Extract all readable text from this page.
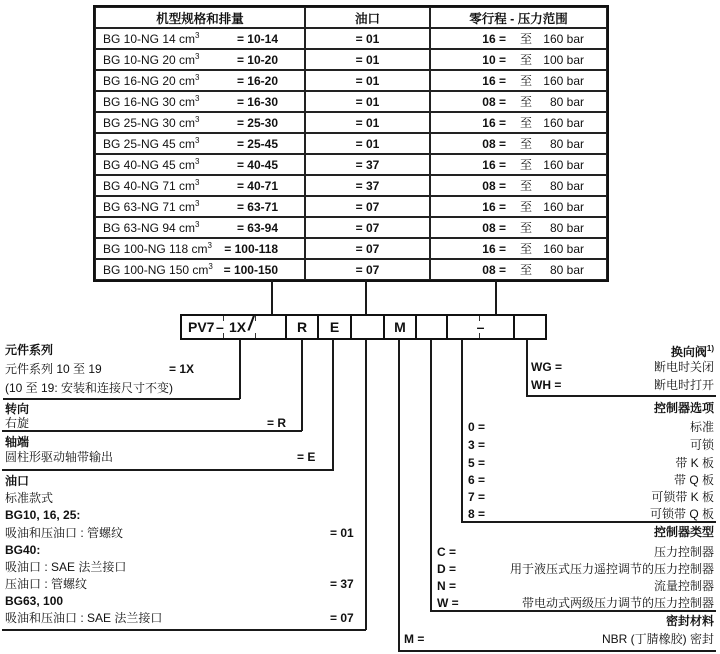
机型规格和排量	油口	零行程 - 压力范围

BG 10-NG 14 $cm^3 = 10-14$	= 01	16 = 至 160 bar

BG 10-NG 20 $cm^3 = 10-20$	= 01	10 = 至 100 bar

BG 16-NG 20 $cm^3 = 16-20$	= 01	16 = 至 160 bar

BG 16-NG 30 $cm^3 = 16-30$	= 01	08 = 至 80 bar

BG 25-NG 30 $cm^3 = 25-30$	= 01	16 = 至 160 bar

BG 25-NG 45 $cm^3 = 25-45$	= 01	08 = 至 80 bar

BG 40-NG 45 $cm^3 = 40-45$	= 37	16 = 至 160 bar

BG 40-NG 71 $cm^3 = 40-71$	= 37	08 = 至 80 bar

BG 63-NG 71 $cm^3 = 63-71$	= 07	16 = 至 160 bar

BG 63-NG 94 $cm^3 = 63-94$	= 07	08 = 至 80 bar

BG 100-NG 118 $cm^3 = 100-118$	= 07	16 = 至 160 bar

BG 100-NG 150 $cm^3 = 100-150$	= 07	08 = 至 80 bar
PV7 – 1X /	R	E	M	–
元件系列
元件系列 10 至 19	= 1X
(10 至 19: 安装和连接尺寸不变)
转向
右旋	= R
轴端
圆柱形驱动轴带输出	= E
油口
标准款式
BG10, 16, 25:
吸油和压油口 : 管螺纹	= 01
BG40:
吸油口 : SAE 法兰接口
压油口 : 管螺纹	= 37
BG63, 100
吸油和压油口 : SAE 法兰接口	= 07
换向阀$^{1)}$
WG =	断电时关闭
WH =	断电时打开
控制器选项
0 =	标准
3 =	可锁
5 =	带 K 板
6 =	带 Q 板
7 =	可锁带 K 板
8 =	可锁带 Q 板
控制器类型
C =	压力控制器
D =	用于液压式压力遥控调节的压力控制器
N =	流量控制器
W =	带电动式两级压力调节的压力控制器
密封材料
M =	NBR (丁腈橡胶) 密封
